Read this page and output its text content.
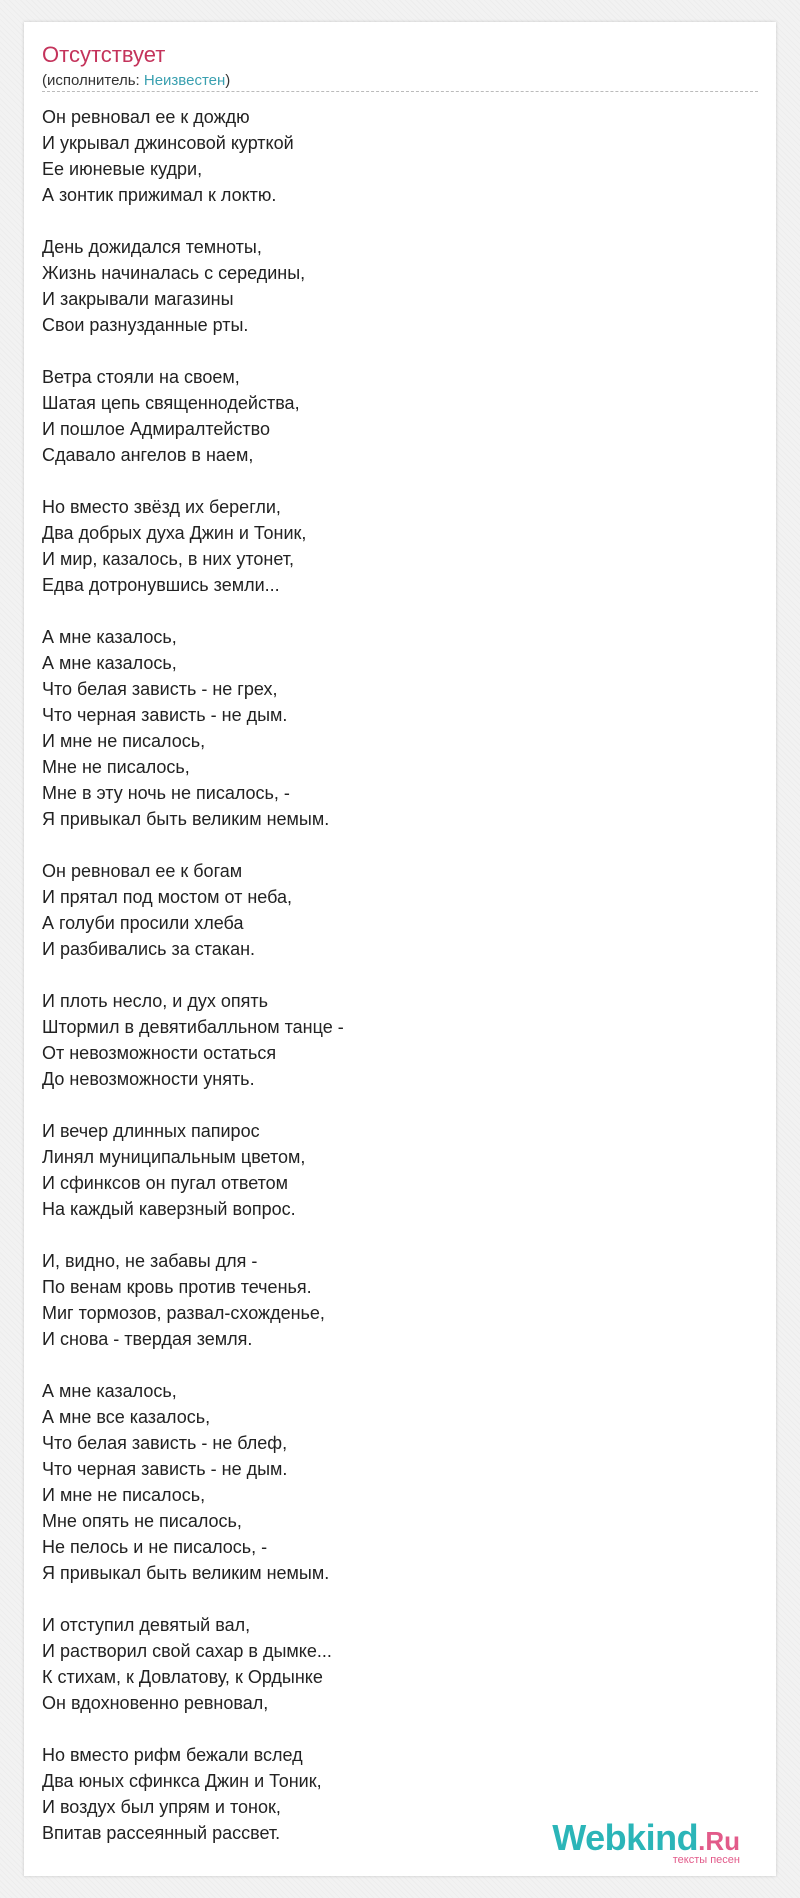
Отсутствует
(исполнитель: Неизвестен)
Он ревновал ее к дождю
И укрывал джинсовой курткой
Ее июневые кудри,
А зонтик прижимал к локтю.
День дожидался темноты,
Жизнь начиналась с середины,
И закрывали магазины
Свои разнузданные рты.
Ветра стояли на своем,
Шатая цепь священнодейства,
И пошлое Адмиралтейство
Сдавало ангелов в наем,
Но вместо звёзд их берегли,
Два добрых духа Джин и Тоник,
И мир, казалось, в них утонет,
Едва дотронувшись земли...
А мне казалось,
А мне казалось,
Что белая зависть - не грех,
Что черная зависть - не дым.
И мне не писалось,
Мне не писалось,
Мне в эту ночь не писалось, -
Я привыкал быть великим немым.
Он ревновал ее к богам
И прятал под мостом от неба,
А голуби просили хлеба
И разбивались за стакан.
И плоть несло, и дух опять
Штормил в девятибалльном танце -
От невозможности остаться
До невозможности унять.
И вечер длинных папирос
Линял муниципальным цветом,
И сфинксов он пугал ответом
На каждый каверзный вопрос.
И, видно, не забавы для -
По венам кровь против теченья.
Миг тормозов, развал-схожденье,
И снова - твердая земля.
А мне казалось,
А мне все казалось,
Что белая зависть - не блеф,
Что черная зависть - не дым.
И мне не писалось,
Мне опять не писалось,
Не пелось и не писалось, -
Я привыкал быть великим немым.
И отступил девятый вал,
И растворил свой сахар в дымке...
К стихам, к Довлатову, к Ордынке
Он вдохновенно ревновал,
Но вместо рифм бежали вслед
Два юных сфинкса Джин и Тоник,
И воздух был упрям и тонок,
Впитав рассеянный рассвет.	Webkind.Ru
тексты песен
